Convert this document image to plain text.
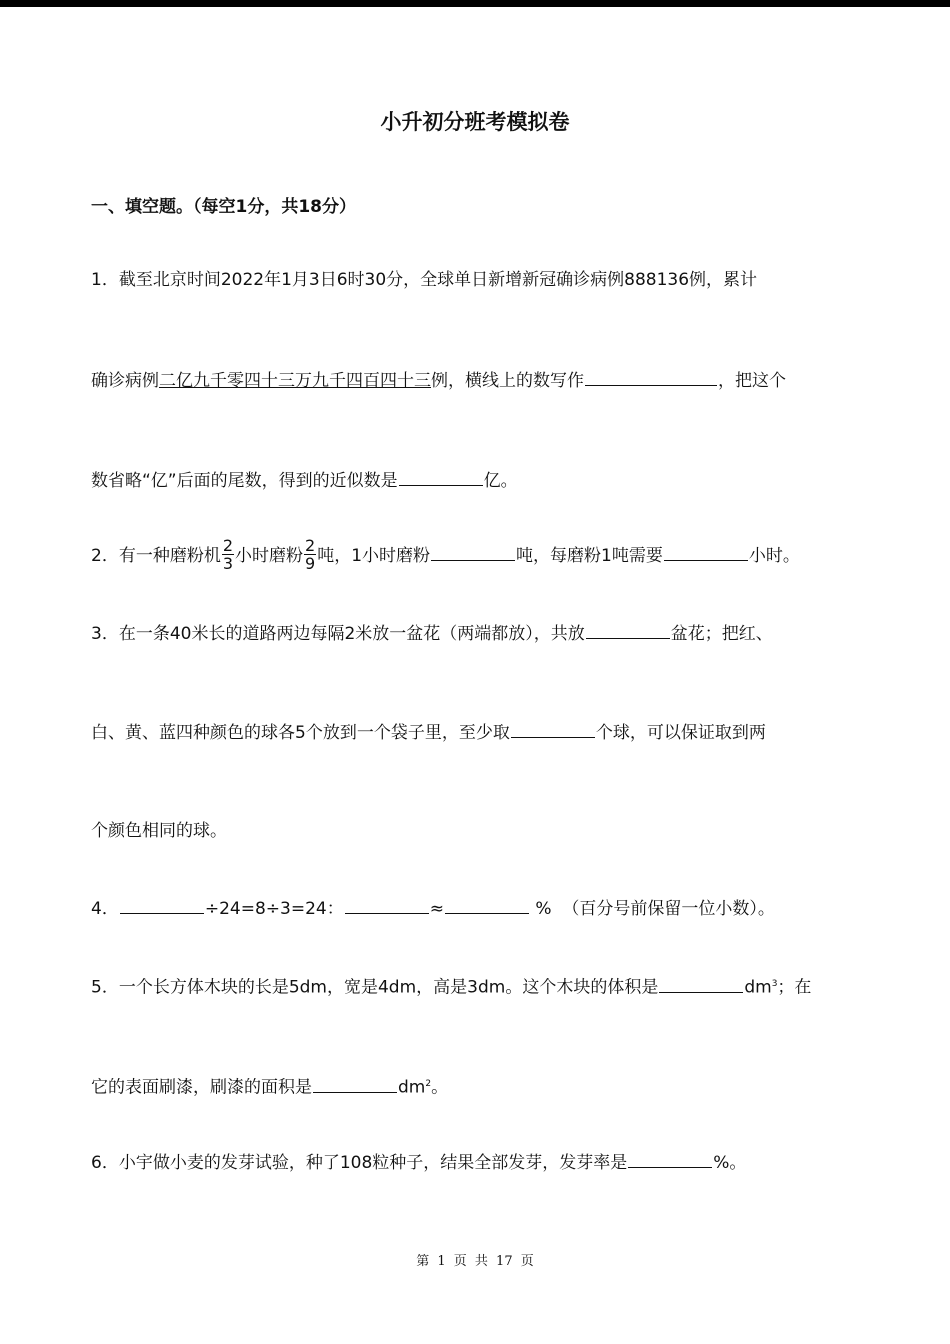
小升初分班考模拟卷
一、填空题。（每空1分，共18分）
1．截至北京时间2022年1月3日6时30分，全球单日新增新冠确诊病例888136例，累计
确诊病例二亿九千零四十三万九千四百四十三例，横线上的数写作	，把这个
数省略“亿”后面的尾数，得到的近似数是	亿。
2．有一种磨粉机 $\frac{2}{3}$ 小时磨粉 $\frac{2}{9}$ 吨，1小时磨粉	吨，每磨粉1吨需要	小时。
3．在一条40米长的道路两边每隔2米放一盆花（两端都放），共放	盆花；把红、
白、黄、蓝四种颜色的球各5个放到一个袋子里，至少取	个球，可以保证取到两
个颜色相同的球。
4．	÷24=8÷3=24：	≈	% （百分号前保留一位小数）。
5．一个长方体木块的长是5dm，宽是4dm，高是3dm。这个木块的体积是	$dm^3$；在
它的表面刷漆，刷漆的面积是	$dm^2$。
6．小宇做小麦的发芽试验，种了108粒种子，结果全部发芽，发芽率是	%。
第 1 页 共 17 页
